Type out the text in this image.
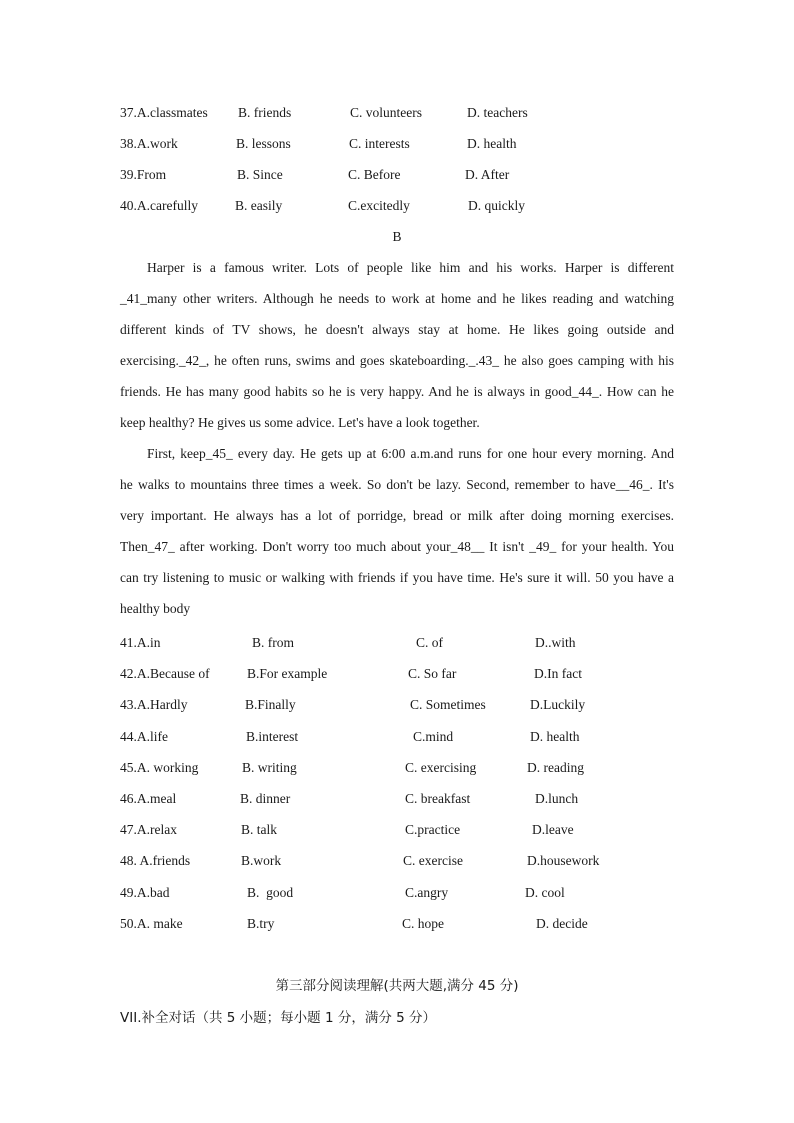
37.A.classmates B. friends	C. volunteers	D. teachers
38.A.work	B. lessons	C. interests	D. health
39.From	B. Since	C. Before	D. After
40.A.carefully	B. easily	C.excitedly	D. quickly
B
Harper is a famous writer. Lots of people like him and his works. Harper is different
_41_many other writers. Although he needs to work at home and he likes reading and watching
different kinds of TV shows, he doesn't always stay at home. He likes going outside and
exercising._42_, he often runs, swims and goes skateboarding._.43_ he also goes camping with his
friends. He has many good habits so he is very happy. And he is always in good_44_. How can he
keep healthy? He gives us some advice. Let's have a look together.
First, keep_45_ every day. He gets up at 6:00 a.m.and runs for one hour every morning. And
he walks to mountains three times a week. So don't be lazy. Second, remember to have__46_. It's
very important. He always has a lot of porridge, bread or milk after doing morning exercises.
Then_47_ after working. Don't worry too much about your_48__ It isn't _49_ for your health. You
can try listening to music or walking with friends if you have time. He's sure it will. 50 you have a
healthy body
41.A.in	B. from	C. of	D..with
42.A.Because of	B.For example	C. So far	D.In fact
43.A.Hardly	B.Finally	C. Sometimes	D.Luckily
44.A.life	B.interest	C.mind	D. health
45.A. working	B. writing	C. exercising	D. reading
46.A.meal	B. dinner	C. breakfast	D.lunch
47.A.relax	B. talk	C.practice	D.leave
48. A.friends	B.work	C. exercise	D.housework
49.A.bad	B.  good	C.angry	D. cool
50.A. make	B.try	C. hope	D. decide
第三部分阅读理解(共两大题,满分 45 分)
VII.补全对话（共 5 小题；每小题 1 分，满分 5 分）
